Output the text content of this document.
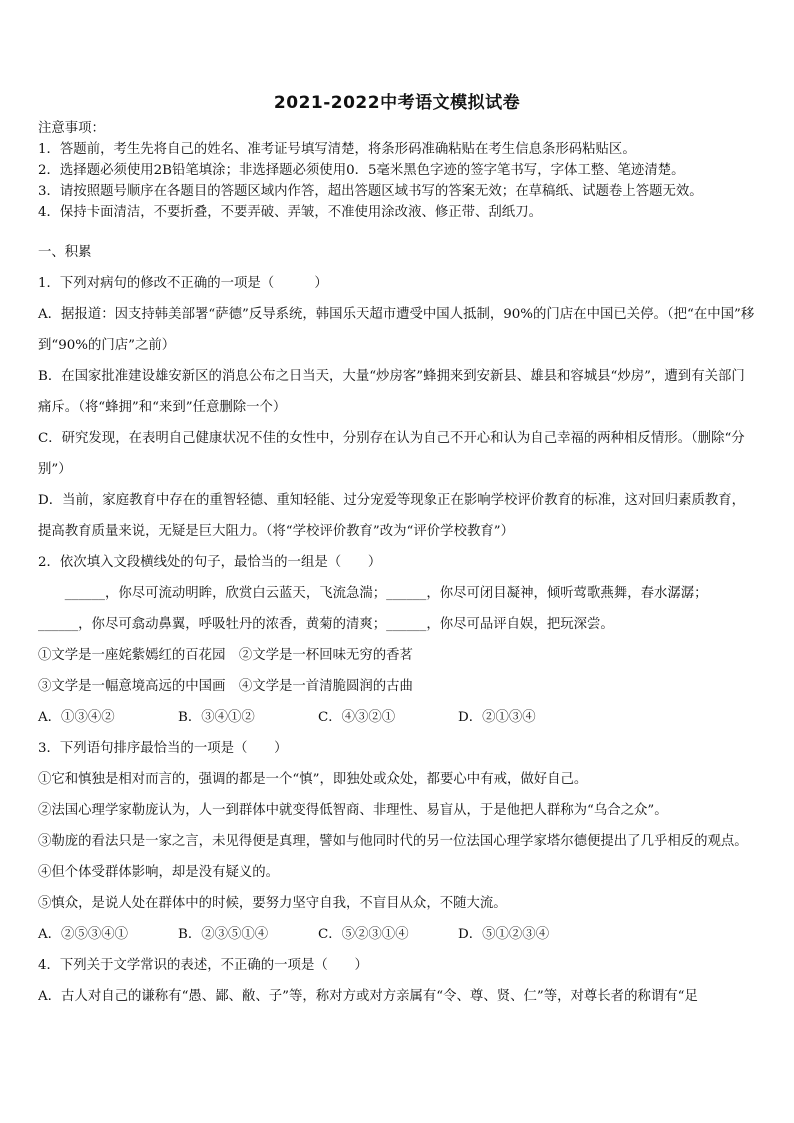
2021-2022中考语文模拟试卷
注意事项：
1．答题前，考生先将自己的姓名、准考证号填写清楚，将条形码准确粘贴在考生信息条形码粘贴区。
2．选择题必须使用2B铅笔填涂；非选择题必须使用0．5毫米黑色字迹的签字笔书写，字体工整、笔迹清楚。
3．请按照题号顺序在各题目的答题区域内作答，超出答题区域书写的答案无效；在草稿纸、试题卷上答题无效。
4．保持卡面清洁，不要折叠，不要弄破、弄皱，不准使用涂改液、修正带、刮纸刀。
一、积累
1．下列对病句的修改不正确的一项是（　　　）
A．据报道：因支持韩美部署“萨德”反导系统，韩国乐天超市遭受中国人抵制，90%的门店在中国已关停。（把“在中国”移到“90%的门店”之前）
B．在国家批准建设雄安新区的消息公布之日当天，大量“炒房客”蜂拥来到安新县、雄县和容城县“炒房”，遭到有关部门痛斥。（将“蜂拥”和“来到”任意删除一个）
C．研究发现，在表明自己健康状况不佳的女性中，分别存在认为自己不开心和认为自己幸福的两种相反情形。（删除“分别”）
D．当前，家庭教育中存在的重智轻德、重知轻能、过分宠爱等现象正在影响学校评价教育的标准，这对回归素质教育，提高教育质量来说，无疑是巨大阻力。（将“学校评价教育”改为“评价学校教育”）
2．依次填入文段横线处的句子，最恰当的一组是（　　）
______，你尽可流动明眸，欣赏白云蓝天，飞流急湍；______，你尽可闭目凝神，倾听莺歌燕舞，春水潺潺；______，你尽可翕动鼻翼，呼吸牡丹的浓香，黄菊的清爽；______，你尽可品评自娱，把玩深尝。
①文学是一座姹紫嫣红的百花园　②文学是一杯回味无穷的香茗
③文学是一幅意境高远的中国画　④文学是一首清脆圆润的古曲
A．①③④②	B．③④①②	C．④③②①	D．②①③④
3．下列语句排序最恰当的一项是（　　）
①它和慎独是相对而言的，强调的都是一个“慎”，即独处或众处，都要心中有戒，做好自己。
②法国心理学家勒庞认为，人一到群体中就变得低智商、非理性、易盲从，于是他把人群称为“乌合之众”。
③勒庞的看法只是一家之言，未见得便是真理，譬如与他同时代的另一位法国心理学家塔尔德便提出了几乎相反的观点。
④但个体受群体影响，却是没有疑义的。
⑤慎众，是说人处在群体中的时候，要努力坚守自我，不盲目从众，不随大流。
A．②⑤③④①	B．②③⑤①④	C．⑤②③①④	D．⑤①②③④
4．下列关于文学常识的表述，不正确的一项是（　　）
A．古人对自己的谦称有“愚、鄙、敝、子”等，称对方或对方亲属有“令、尊、贤、仁”等，对尊长者的称谓有“足
